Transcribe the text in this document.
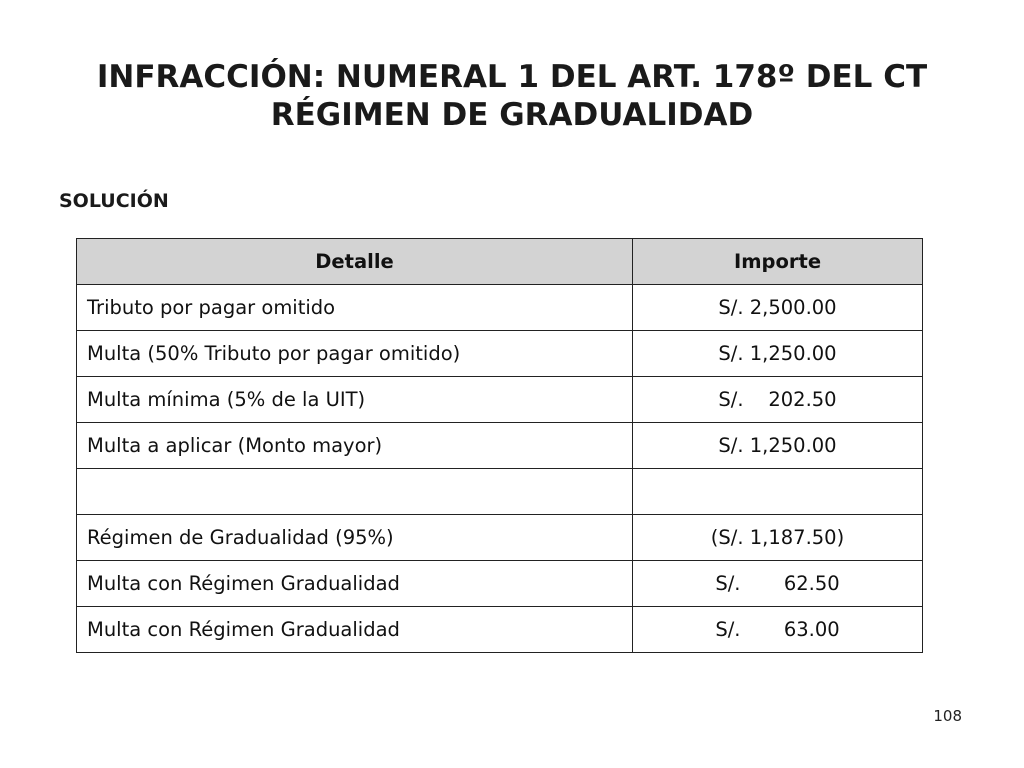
INFRACCIÓN: NUMERAL 1 DEL ART. 178º DEL CT
RÉGIMEN DE GRADUALIDAD
SOLUCIÓN
Detalle	Importe
Tributo por pagar omitido	S/. 2,500.00
Multa (50% Tributo por pagar omitido)	S/. 1,250.00
Multa mínima (5% de la UIT)	S/.    202.50
Multa a aplicar (Monto mayor)	S/. 1,250.00

Régimen de Gradualidad (95%)	(S/. 1,187.50)
Multa con Régimen Gradualidad	S/.       62.50
Multa con Régimen Gradualidad	S/.       63.00
108
